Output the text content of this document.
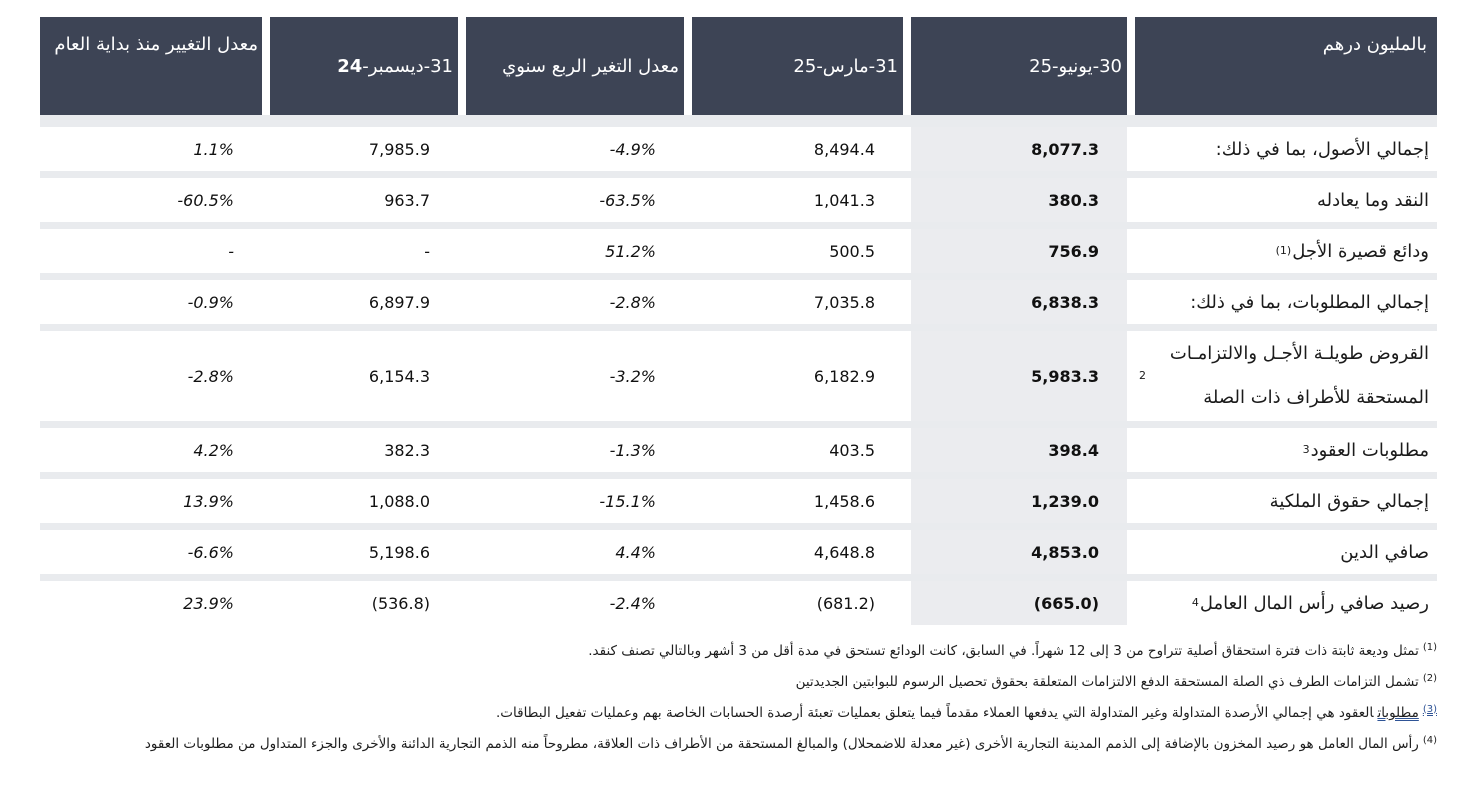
بالمليون درهم
30-يونيو-25
31-مارس-25
معدل التغير الربع سنوي
31-ديسمبر-
24
معدل التغيير منذ بداية العام
إجمالي الأصول، بما في ذلك:
8,077.3
8,494.4
-4.9%
7,985.9
1.1%
النقد وما يعادله
380.3
1,041.3
-63.5%
963.7
-60.5%
ودائع قصيرة الأجل
(1)
756.9
500.5
51.2%
-
-
إجمالي المطلوبات، بما في ذلك:
6,838.3
7,035.8
-2.8%
6,897.9
-0.9%
القروض طويلـة الأجـل والالتزامـات المستحقة للأطراف ذات الصلة
2
5,983.3
6,182.9
-3.2%
6,154.3
-2.8%
مطلوبات العقود
3
398.4
403.5
-1.3%
382.3
4.2%
إجمالي حقوق الملكية
1,239.0
1,458.6
-15.1%
1,088.0
13.9%
صافي الدين
4,853.0
4,648.8
4.4%
5,198.6
-6.6%
رصيد صافي رأس المال العامل
4
(665.0)
(681.2)
-2.4%
(536.8)
23.9%
$^{(1)}$تمثل وديعة ثابتة ذات فترة استحقاق أصلية تتراوح من 3 إلى 12 شهراً. في السابق، كانت الودائع تستحق في مدة أقل من 3 أشهر وبالتالي تصنف كنقد.
$^{(2)}$تشمل التزامات الطرف ذي الصلة المستحقة الدفع الالتزامات المتعلقة بحقوق تحصيل الرسوم للبوابتين الجديدتين
$^{(3)}$مطلوباتالعقود هي إجمالي الأرصدة المتداولة وغير المتداولة التي يدفعها العملاء مقدماً فيما يتعلق بعمليات تعبئة أرصدة الحسابات الخاصة بهم وعمليات تفعيل البطاقات.
$^{(4)}$رأس المال العامل هو رصيد المخزون بالإضافة إلى الذمم المدينة التجارية الأخرى (غير معدلة للاضمحلال) والمبالغ المستحقة من الأطراف ذات العلاقة، مطروحاً منه الذمم التجارية الدائنة والأخرى والجزء المتداول من مطلوبات العقود
